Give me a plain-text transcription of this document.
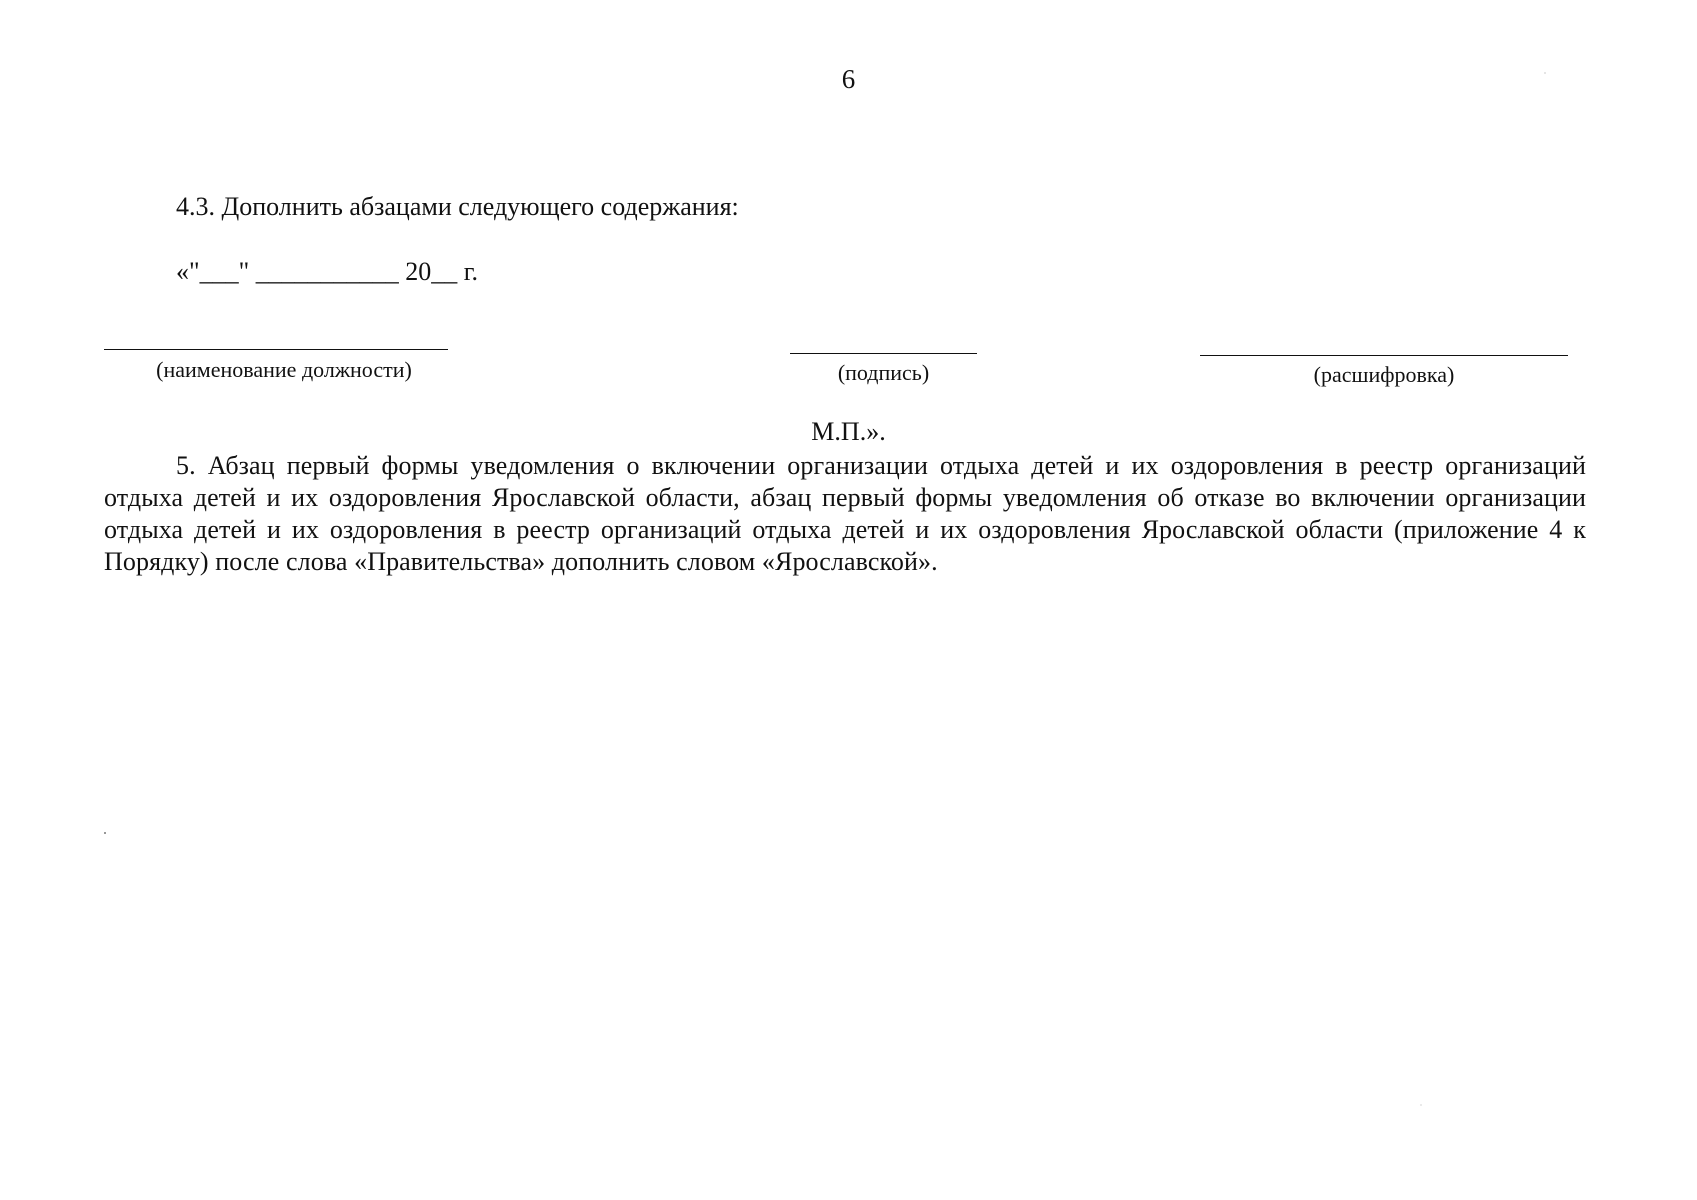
6
4.3. Дополнить абзацами следующего содержания:
«"___" ___________ 20__ г.
(наименование должности)	(подпись)	(расшифровка)
М.П.».
5. Абзац первый формы уведомления о включении организации отдыха детей и их оздоровления в реестр организаций отдыха детей и их оздоровления Ярославской области, абзац первый формы уведомления об отказе во включении организации отдыха детей и их оздоровления в реестр организаций отдыха детей и их оздоровления Ярославской области (приложение 4 к Порядку) после слова «Правительства» дополнить словом «Ярославской».
